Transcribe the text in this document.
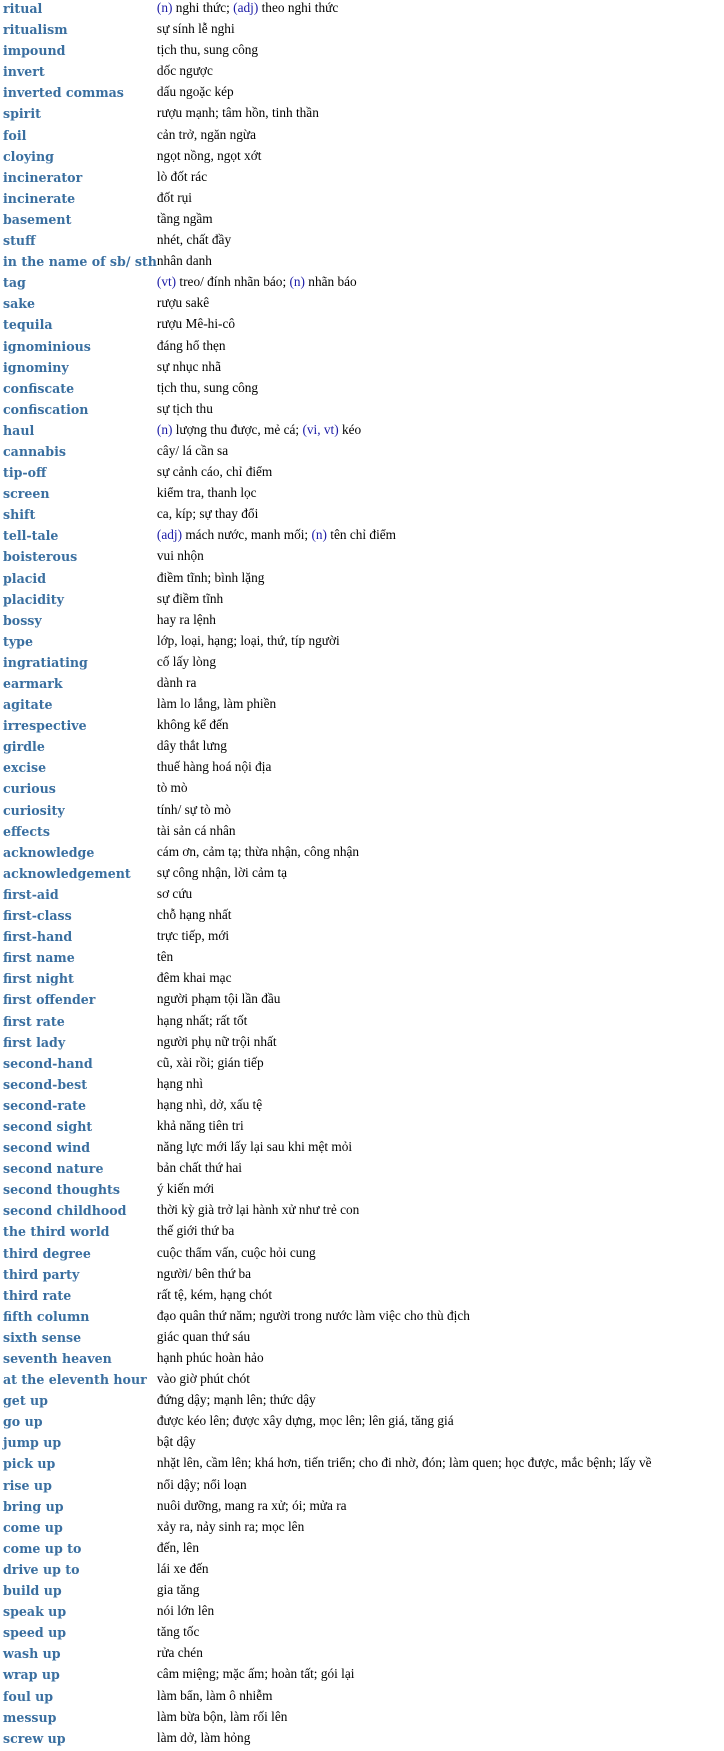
ritual	(n) nghi thức; (adj) theo nghi thức
ritualism	sự sính lễ nghi
impound	tịch thu, sung công
invert	dốc ngược
inverted commas	dấu ngoặc kép
spirit	rượu mạnh; tâm hồn, tinh thần
foil	cản trở, ngăn ngừa
cloying	ngọt nồng, ngọt xớt
incinerator	lò đốt rác
incinerate	đốt rụi
basement	tầng ngầm
stuff	nhét, chất đầy
in the name of sb/ sth	nhân danh
tag	(vt) treo/ đính nhãn báo; (n) nhãn báo
sake	rượu sakê
tequila	rượu Mê-hi-cô
ignominious	đáng hổ thẹn
ignominy	sự nhục nhã
confiscate	tịch thu, sung công
confiscation	sự tịch thu
haul	(n) lượng thu được, mẻ cá; (vi, vt) kéo
cannabis	cây/ lá cần sa
tip-off	sự cảnh cáo, chỉ điểm
screen	kiểm tra, thanh lọc
shift	ca, kíp; sự thay đổi
tell-tale	(adj) mách nước, manh mối; (n) tên chỉ điểm
boisterous	vui nhộn
placid	điềm tĩnh; bình lặng
placidity	sự điềm tĩnh
bossy	hay ra lệnh
type	lớp, loại, hạng; loại, thứ, típ người
ingratiating	cố lấy lòng
earmark	dành ra
agitate	làm lo lắng, làm phiền
irrespective	không kể đến
girdle	dây thắt lưng
excise	thuế hàng hoá nội địa
curious	tò mò
curiosity	tính/ sự tò mò
effects	tài sản cá nhân
acknowledge	cám ơn, cảm tạ; thừa nhận, công nhận
acknowledgement	sự công nhận, lời cảm tạ
first-aid	sơ cứu
first-class	chỗ hạng nhất
first-hand	trực tiếp, mới
first name	tên
first night	đêm khai mạc
first offender	người phạm tội lần đầu
first rate	hạng nhất; rất tốt
first lady	người phụ nữ trội nhất
second-hand	cũ, xài rồi; gián tiếp
second-best	hạng nhì
second-rate	hạng nhì, dở, xấu tệ
second sight	khả năng tiên tri
second wind	năng lực mới lấy lại sau khi mệt mỏi
second nature	bản chất thứ hai
second thoughts	ý kiến mới
second childhood	thời kỳ già trở lại hành xử như trẻ con
the third world	thế giới thứ ba
third degree	cuộc thẩm vấn, cuộc hỏi cung
third party	người/ bên thứ ba
third rate	rất tệ, kém, hạng chót
fifth column	đạo quân thứ năm; người trong nước làm việc cho thù địch
sixth sense	giác quan thứ sáu
seventh heaven	hạnh phúc hoàn hảo
at the eleventh hour	vào giờ phút chót
get up	đứng dậy; mạnh lên; thức dậy
go up	được kéo lên; được xây dựng, mọc lên; lên giá, tăng giá
jump up	bật dậy
pick up	nhặt lên, cầm lên; khá hơn, tiến triển; cho đi nhờ, đón; làm quen; học được, mắc bệnh; lấy về
rise up	nổi dậy; nổi loạn
bring up	nuôi dưỡng, mang ra xử; ói; mửa ra
come up	xảy ra, nảy sinh ra; mọc lên
come up to	đến, lên
drive up to	lái xe đến
build up	gia tăng
speak up	nói lớn lên
speed up	tăng tốc
wash up	rửa chén
wrap up	câm miệng; mặc ấm; hoàn tất; gói lại
foul up	làm bẩn, làm ô nhiễm
messup	làm bừa bộn, làm rối lên
screw up	làm dở, làm hỏng
